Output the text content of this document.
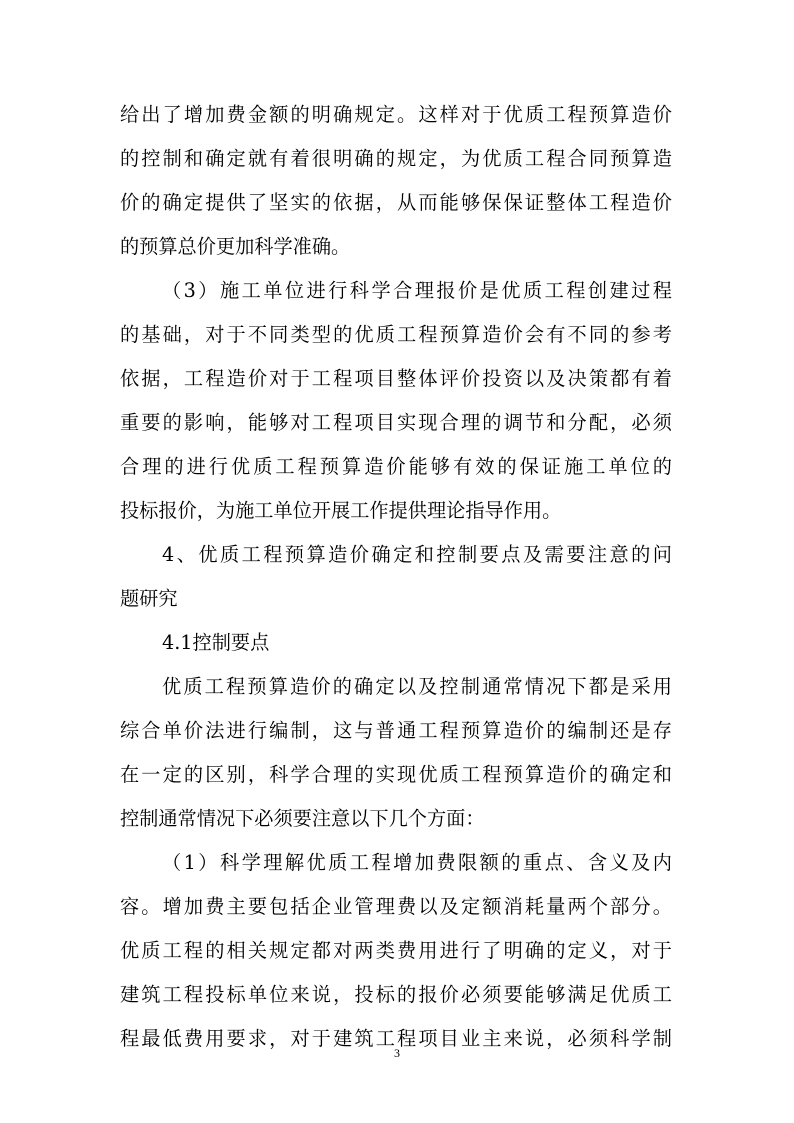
给出了增加费金额的明确规定。这样对于优质工程预算造价

的控制和确定就有着很明确的规定，为优质工程合同预算造

价的确定提供了坚实的依据，从而能够保保证整体工程造价

的预算总价更加科学准确。

（3）施工单位进行科学合理报价是优质工程创建过程

的基础，对于不同类型的优质工程预算造价会有不同的参考

依据，工程造价对于工程项目整体评价投资以及决策都有着

重要的影响，能够对工程项目实现合理的调节和分配，必须

合理的进行优质工程预算造价能够有效的保证施工单位的

投标报价，为施工单位开展工作提供理论指导作用。

4、优质工程预算造价确定和控制要点及需要注意的问

题研究

4.1控制要点

优质工程预算造价的确定以及控制通常情况下都是采用

综合单价法进行编制，这与普通工程预算造价的编制还是存

在一定的区别，科学合理的实现优质工程预算造价的确定和

控制通常情况下必须要注意以下几个方面：

（1）科学理解优质工程增加费限额的重点、含义及内

容。增加费主要包括企业管理费以及定额消耗量两个部分。

优质工程的相关规定都对两类费用进行了明确的定义，对于

建筑工程投标单位来说，投标的报价必须要能够满足优质工

程最低费用要求，对于建筑工程项目业主来说，必须科学制

3
